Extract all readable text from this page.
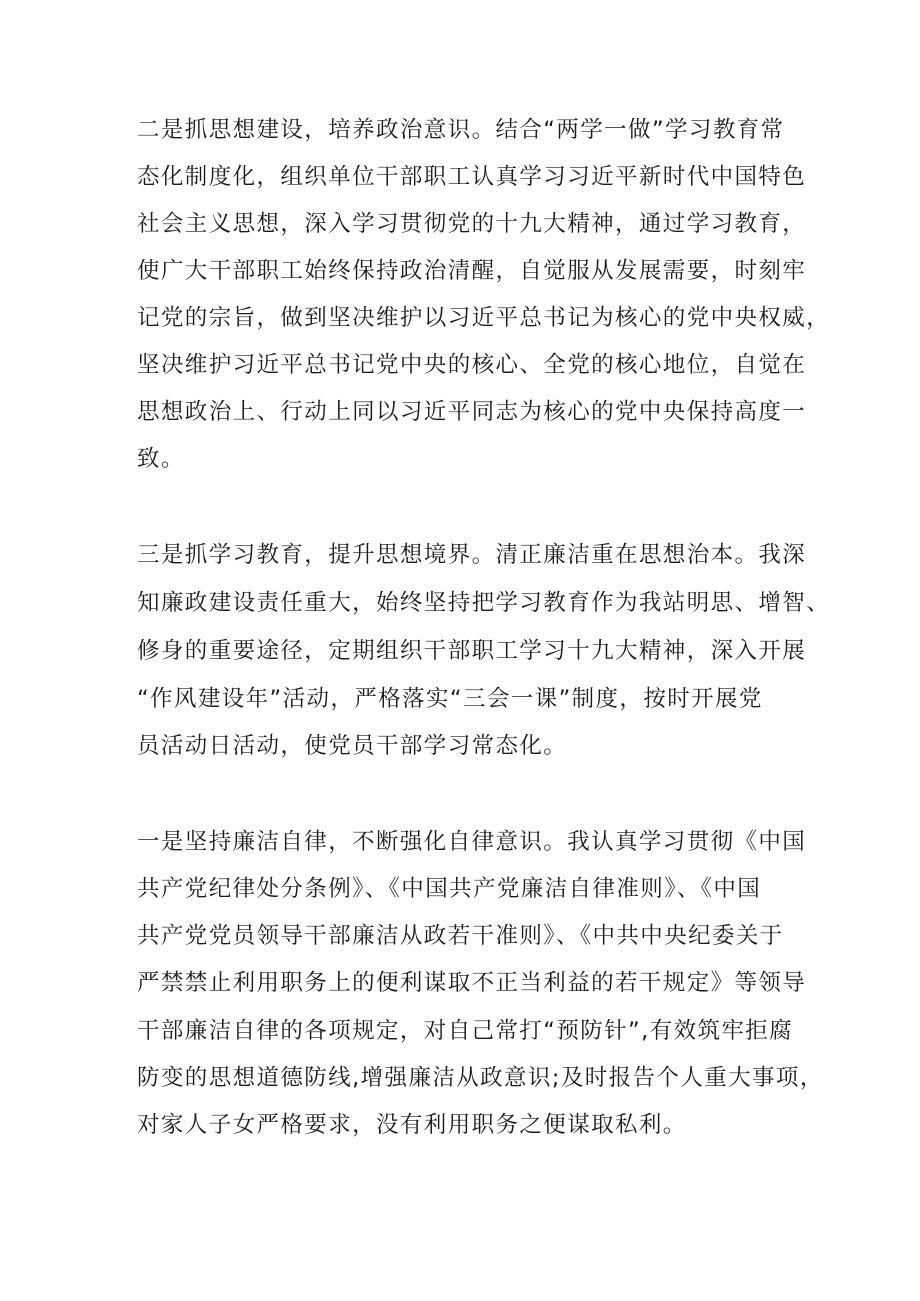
二是抓思想建设，培养政治意识。结合“两学一做”学习教育常
态化制度化，组织单位干部职工认真学习习近平新时代中国特色
社会主义思想，深入学习贯彻党的十九大精神，通过学习教育，
使广大干部职工始终保持政治清醒，自觉服从发展需要，时刻牢
记党的宗旨，做到坚决维护以习近平总书记为核心的党中央权威，
坚决维护习近平总书记党中央的核心、全党的核心地位，自觉在
思想政治上、行动上同以习近平同志为核心的党中央保持高度一
致。
三是抓学习教育，提升思想境界。清正廉洁重在思想治本。我深
知廉政建设责任重大，始终坚持把学习教育作为我站明思、增智、
修身的重要途径，定期组织干部职工学习十九大精神，深入开展
“作风建设年”活动，严格落实“三会一课”制度，按时开展党
员活动日活动，使党员干部学习常态化。
一是坚持廉洁自律，不断强化自律意识。我认真学习贯彻《中国
共产党纪律处分条例》、《中国共产党廉洁自律准则》、《中国
共产党党员领导干部廉洁从政若干准则》、《中共中央纪委关于
严禁禁止利用职务上的便利谋取不正当利益的若干规定》等领导
干部廉洁自律的各项规定，对自己常打“预防针”,有效筑牢拒腐
防变的思想道德防线,增强廉洁从政意识;及时报告个人重大事项，
对家人子女严格要求，没有利用职务之便谋取私利。
